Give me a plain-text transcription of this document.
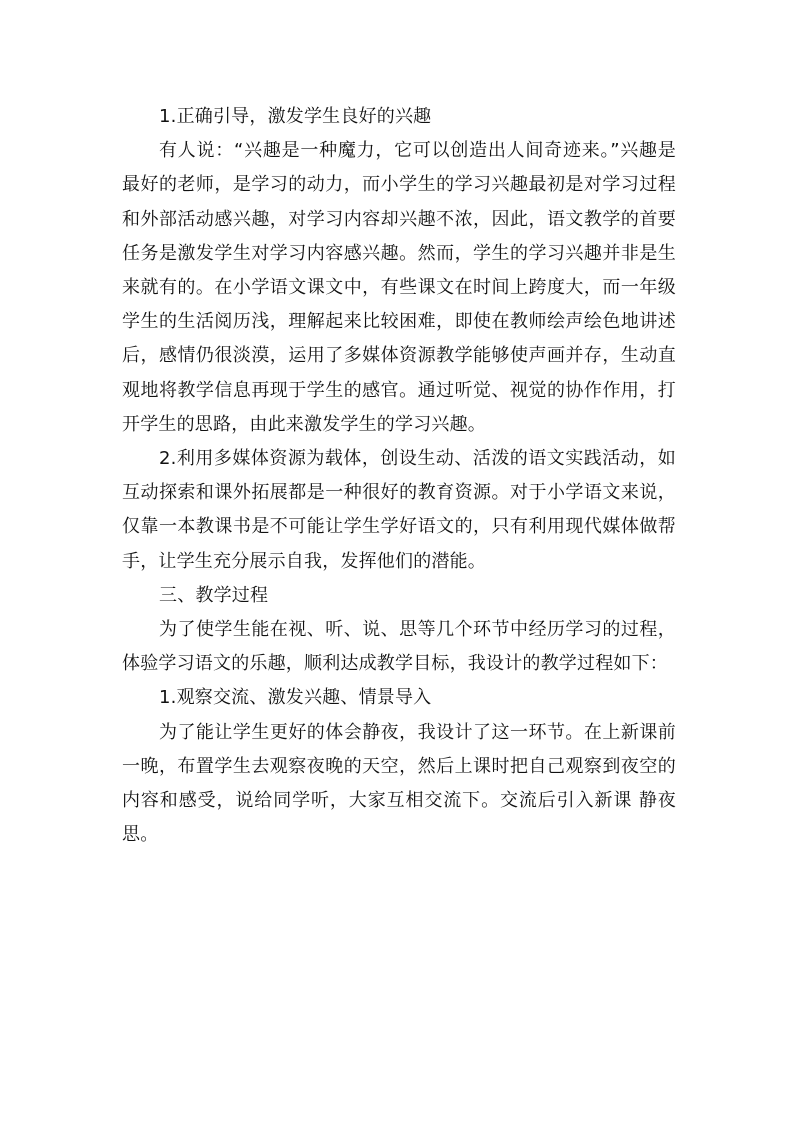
1.正确引导，激发学生良好的兴趣

有人说：“兴趣是一种魔力，它可以创造出人间奇迹来。”兴趣是最好的老师，是学习的动力，而小学生的学习兴趣最初是对学习过程和外部活动感兴趣，对学习内容却兴趣不浓，因此，语文教学的首要任务是激发学生对学习内容感兴趣。然而，学生的学习兴趣并非是生来就有的。在小学语文课文中，有些课文在时间上跨度大，而一年级学生的生活阅历浅，理解起来比较困难，即使在教师绘声绘色地讲述后，感情仍很淡漠，运用了多媒体资源教学能够使声画并存，生动直观地将教学信息再现于学生的感官。通过听觉、视觉的协作作用，打开学生的思路，由此来激发学生的学习兴趣。

2.利用多媒体资源为载体，创设生动、活泼的语文实践活动，如互动探索和课外拓展都是一种很好的教育资源。对于小学语文来说，仅靠一本教课书是不可能让学生学好语文的，只有利用现代媒体做帮手，让学生充分展示自我，发挥他们的潜能。

三、教学过程

为了使学生能在视、听、说、思等几个环节中经历学习的过程，体验学习语文的乐趣，顺利达成教学目标，我设计的教学过程如下：

1.观察交流、激发兴趣、情景导入

为了能让学生更好的体会静夜，我设计了这一环节。在上新课前一晚，布置学生去观察夜晚的天空，然后上课时把自己观察到夜空的内容和感受，说给同学听，大家互相交流下。交流后引入新课 静夜思。
